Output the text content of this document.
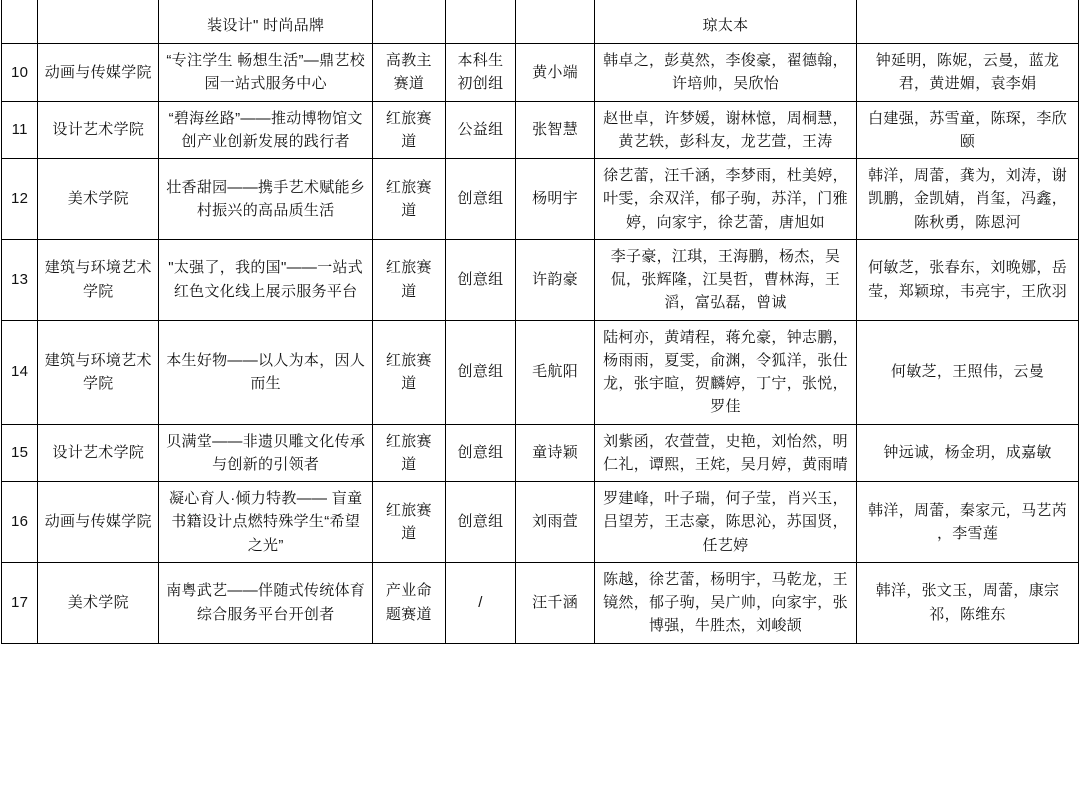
		装设计" 时尚品牌				琼太本	
10	动画与传媒学院	“专注学生 畅想生活”—鼎艺校园一站式服务中心	高教主赛道	本科生初创组	黄小端	韩卓之，彭莫然，李俊豪，翟德翰，许培帅，吴欣怡	钟延明，陈妮，云曼，蓝龙君，黄进媚，袁李娟
11	设计艺术学院	“碧海丝路”——推动博物馆文创产业创新发展的践行者	红旅赛道	公益组	张智慧	赵世卓，许梦媛，谢林憶，周桐慧，黄艺轶，彭科友，龙艺萱，王涛	白建强，苏雪童，陈琛，李欣颐
12	美术学院	壮香甜园——携手艺术赋能乡村振兴的高品质生活	红旅赛道	创意组	杨明宇	徐艺蕾，汪千涵，李梦雨，杜美婷，叶雯，余双洋，郁子驹，苏洋，门雅婷，向家宇，徐艺蕾，唐旭如	韩洋，周蕾，龚为，刘涛，谢凯鹏，金凯婧，肖玺，冯鑫，陈秋勇，陈恩河
13	建筑与环境艺术学院	"太强了，我的国"——一站式红色文化线上展示服务平台	红旅赛道	创意组	许韵豪	李子豪，江琪，王海鹏，杨杰，吴侃，张辉隆，江昊哲，曹林海，王滔，富弘磊，曾诚	何敏芝，张春东，刘晚娜，岳莹，郑颖琼，韦亮宇，王欣羽
14	建筑与环境艺术学院	本生好物——以人为本，因人而生	红旅赛道	创意组	毛航阳	陆柯亦，黄靖程，蒋允豪，钟志鹏，杨雨雨，夏雯，俞渊，令狐洋，张仕龙，张宇暄，贺麟婷，丁宁，张悦，罗佳	何敏芝，王照伟，云曼
15	设计艺术学院	贝满堂——非遗贝雕文化传承与创新的引领者	红旅赛道	创意组	童诗颖	刘紫函，农萱萱，史艳，刘怡然，明仁礼，谭熙，王姹，吴月婷，黄雨晴	钟远诚，杨金玥，成嘉敏
16	动画与传媒学院	凝心育人·倾力特教—— 盲童书籍设计点燃特殊学生“希望之光”	红旅赛道	创意组	刘雨萱	罗建峰，叶子瑞，何子莹，肖兴玉，吕望芳，王志豪，陈思沁，苏国贤，任艺婷	韩洋，周蕾，秦家元，马艺芮 ，李雪莲
17	美术学院	南粤武艺——伴随式传统体育综合服务平台开创者	产业命题赛道	/	汪千涵	陈越，徐艺蕾，杨明宇，马乾龙，王镜然，郁子驹，吴广帅，向家宇，张博强，牛胜杰，刘峻颉	韩洋，张文玉，周蕾，康宗祁，陈维东
